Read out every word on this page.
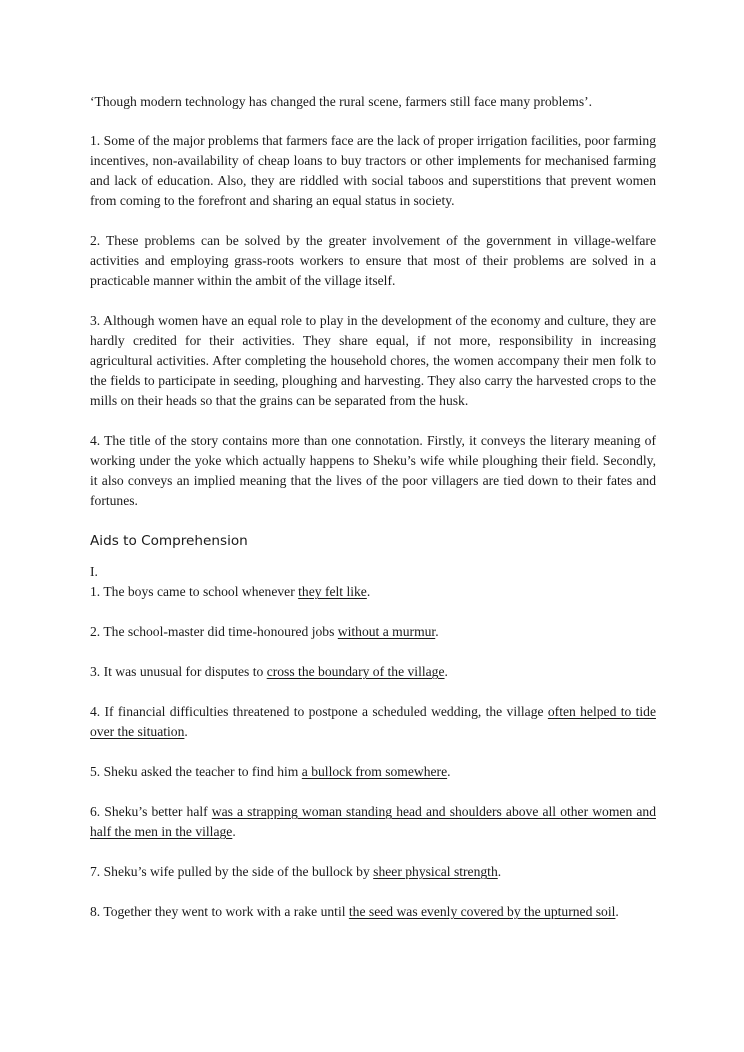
‘Though modern technology has changed the rural scene, farmers still face many problems’.

1. Some of the major problems that farmers face are the lack of proper irrigation facilities, poor farming incentives, non-availability of cheap loans to buy tractors or other implements for mechanised farming and lack of education. Also, they are riddled with social taboos and superstitions that prevent women from coming to the forefront and sharing an equal status in society.

2. These problems can be solved by the greater involvement of the government in village-welfare activities and employing grass-roots workers to ensure that most of their problems are solved in a practicable manner within the ambit of the village itself.

3. Although women have an equal role to play in the development of the economy and culture, they are hardly credited for their activities. They share equal, if not more, responsibility in increasing agricultural activities. After completing the household chores, the women accompany their men folk to the fields to participate in seeding, ploughing and harvesting. They also carry the harvested crops to the mills on their heads so that the grains can be separated from the husk.

4. The title of the story contains more than one connotation. Firstly, it conveys the literary meaning of working under the yoke which actually happens to Sheku’s wife while ploughing their field. Secondly, it also conveys an implied meaning that the lives of the poor villagers are tied down to their fates and fortunes.

Aids to Comprehension

I.

1. The boys came to school whenever they felt like.

2. The school-master did time-honoured jobs without a murmur.

3. It was unusual for disputes to cross the boundary of the village.

4. If financial difficulties threatened to postpone a scheduled wedding, the village often helped to tide over the situation.

5. Sheku asked the teacher to find him a bullock from somewhere.

6. Sheku’s better half was a strapping woman standing head and shoulders above all other women and half the men in the village.

7. Sheku’s wife pulled by the side of the bullock by sheer physical strength.

8. Together they went to work with a rake until the seed was evenly covered by the upturned soil.
